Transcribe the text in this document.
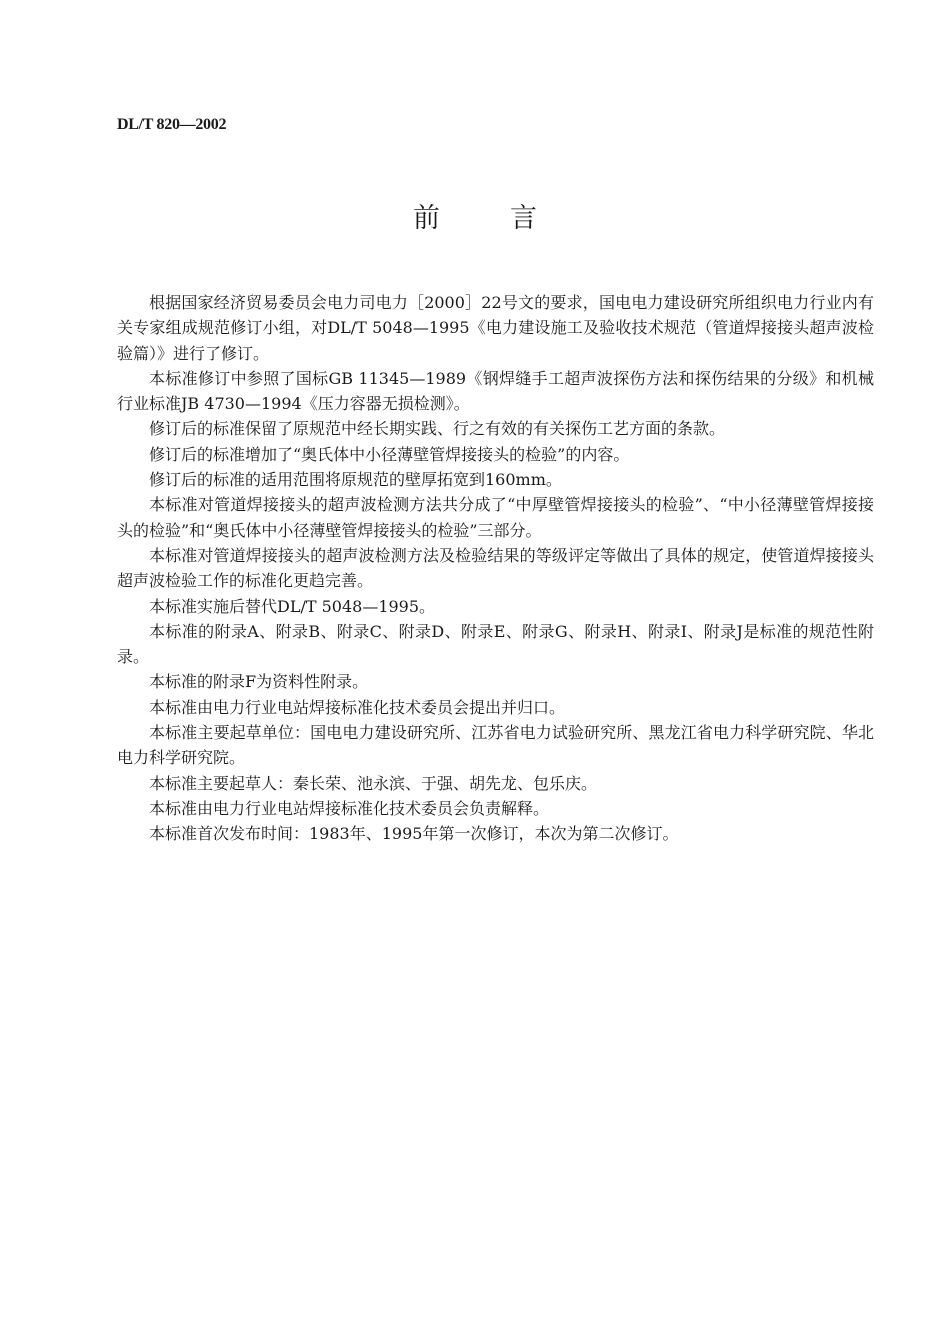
DL/T 820—2002
前言

根据国家经济贸易委员会电力司电力［2000］22号文的要求，国电电力建设研究所组织电力行业内有关专家组成规范修订小组，对DL/T 5048—1995《电力建设施工及验收技术规范（管道焊接接头超声波检验篇）》进行了修订。

本标准修订中参照了国标GB 11345—1989《钢焊缝手工超声波探伤方法和探伤结果的分级》和机械行业标准JB 4730—1994《压力容器无损检测》。

修订后的标准保留了原规范中经长期实践、行之有效的有关探伤工艺方面的条款。

修订后的标准增加了“奥氏体中小径薄壁管焊接接头的检验”的内容。

修订后的标准的适用范围将原规范的壁厚拓宽到160mm。

本标准对管道焊接接头的超声波检测方法共分成了“中厚壁管焊接接头的检验”、“中小径薄壁管焊接接头的检验”和“奥氏体中小径薄壁管焊接接头的检验”三部分。

本标准对管道焊接接头的超声波检测方法及检验结果的等级评定等做出了具体的规定，使管道焊接接头超声波检验工作的标准化更趋完善。

本标准实施后替代DL/T 5048—1995。

本标准的附录A、附录B、附录C、附录D、附录E、附录G、附录H、附录I、附录J是标准的规范性附录。

本标准的附录F为资料性附录。

本标准由电力行业电站焊接标准化技术委员会提出并归口。

本标准主要起草单位：国电电力建设研究所、江苏省电力试验研究所、黑龙江省电力科学研究院、华北电力科学研究院。

本标准主要起草人：秦长荣、池永滨、于强、胡先龙、包乐庆。

本标准由电力行业电站焊接标准化技术委员会负责解释。

本标准首次发布时间：1983年、1995年第一次修订，本次为第二次修订。
